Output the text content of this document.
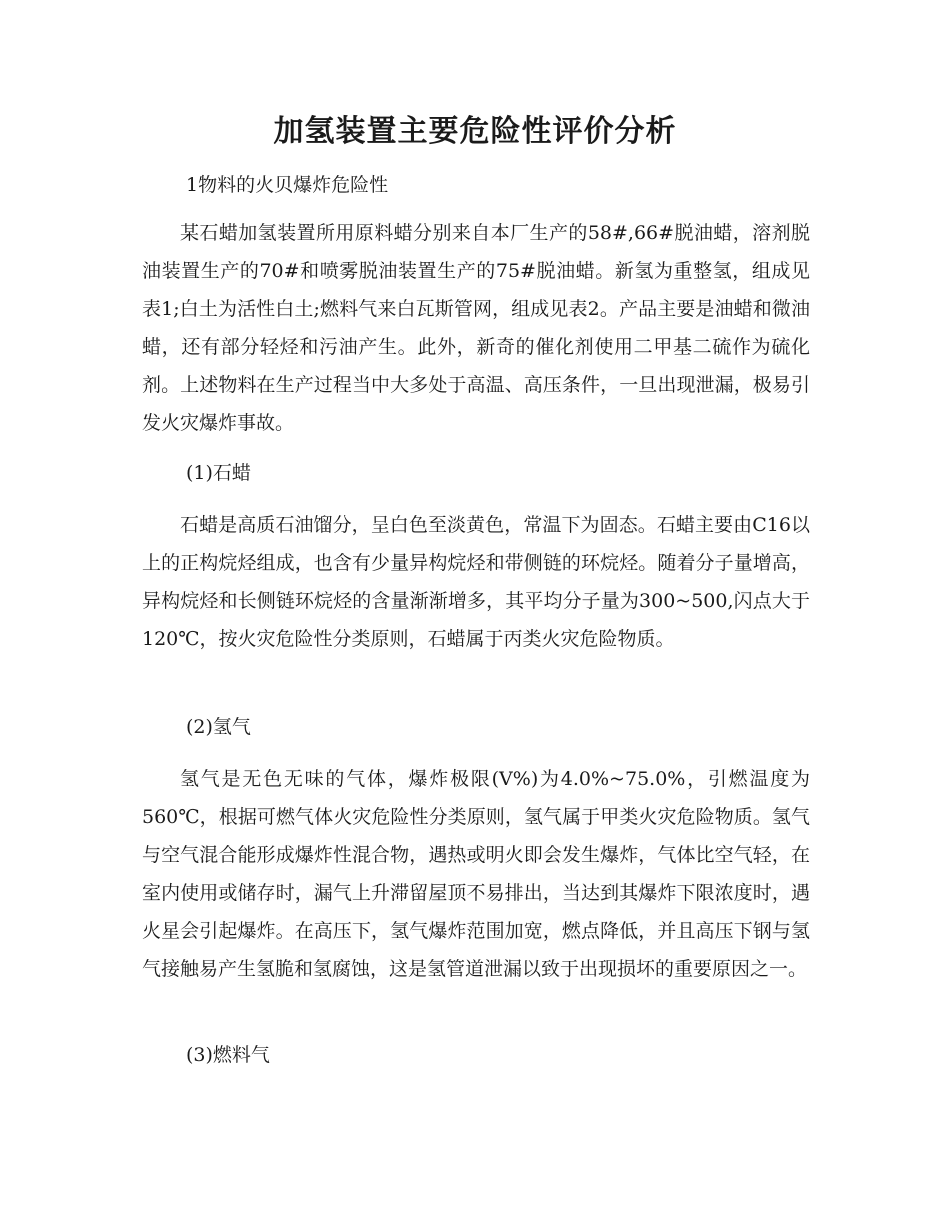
加氢装置主要危险性评价分析

1物料的火贝爆炸危险性

某石蜡加氢装置所用原料蜡分别来自本厂生产的58#,66#脱油蜡，溶剂脱油装置生产的70#和喷雾脱油装置生产的75#脱油蜡。新氢为重整氢，组成见表1;白土为活性白土;燃料气来白瓦斯管网，组成见表2。产品主要是油蜡和微油蜡，还有部分轻烃和污油产生。此外，新奇的催化剂使用二甲基二硫作为硫化剂。上述物料在生产过程当中大多处于高温、高压条件，一旦出现泄漏，极易引发火灾爆炸事故。

(1)石蜡

石蜡是高质石油馏分，呈白色至淡黄色，常温下为固态。石蜡主要由C16以上的正构烷烃组成，也含有少量异构烷烃和带侧链的环烷烃。随着分子量增高，异构烷烃和长侧链环烷烃的含量渐渐增多，其平均分子量为300~500,闪点大于120℃，按火灾危险性分类原则，石蜡属于丙类火灾危险物质。

(2)氢气

氢气是无色无味的气体，爆炸极限(V%)为4.0%~75.0%，引燃温度为560℃，根据可燃气体火灾危险性分类原则，氢气属于甲类火灾危险物质。氢气与空气混合能形成爆炸性混合物，遇热或明火即会发生爆炸，气体比空气轻，在室内使用或储存时，漏气上升滞留屋顶不易排出，当达到其爆炸下限浓度时，遇火星会引起爆炸。在高压下，氢气爆炸范围加宽，燃点降低，并且高压下钢与氢气接触易产生氢脆和氢腐蚀，这是氢管道泄漏以致于出现损坏的重要原因之一。

(3)燃料气
